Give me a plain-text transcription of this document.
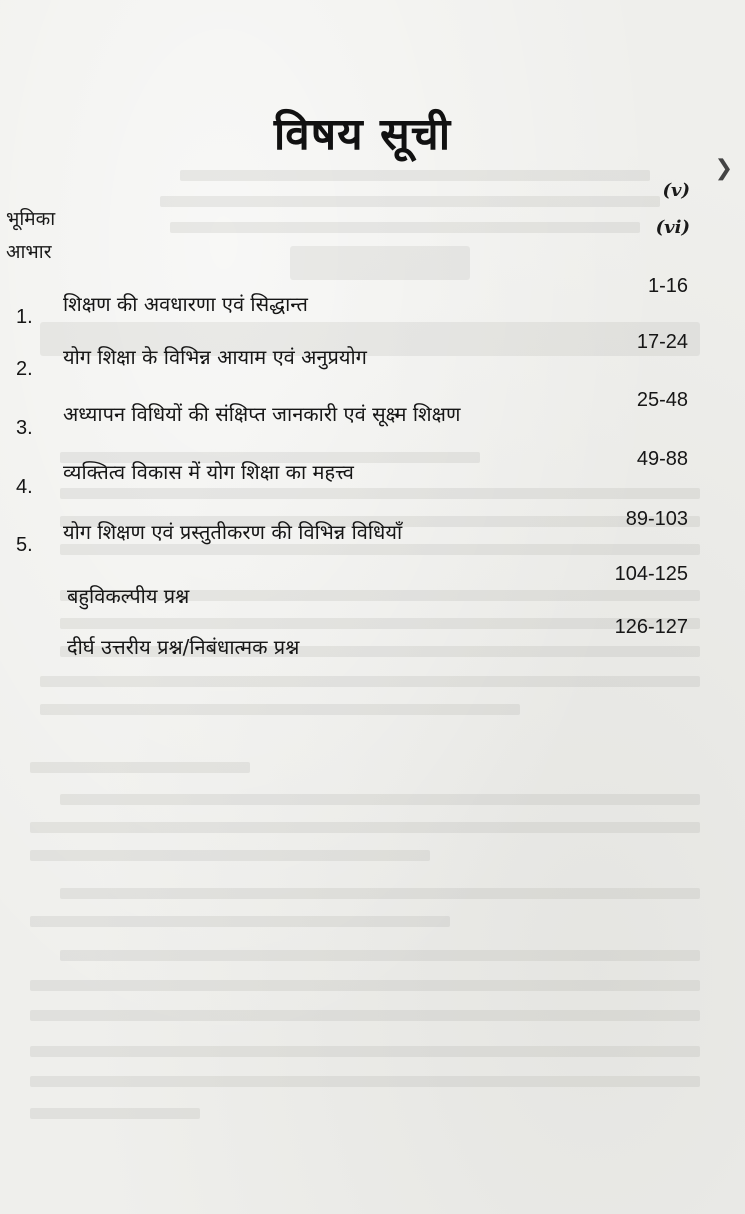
विषय सूची
❯
भूमिका
(v)
आभार
(vi)
1.
शिक्षण की अवधारणा एवं सिद्धान्त
1-16
2. योग शिक्षा के विभिन्न आयाम एवं अनुप्रयोग
17-24
3.
अध्यापन विधियों की संक्षिप्त जानकारी एवं सूक्ष्म शिक्षण
25-48
4.
व्यक्तित्व विकास में योग शिक्षा का महत्त्व
49-88
5.
योग शिक्षण एवं प्रस्तुतीकरण की विभिन्न विधियाँ
89-103
बहुविकल्पीय प्रश्न
104-125
दीर्घ उत्तरीय प्रश्न/निबंधात्मक प्रश्न
126-127
